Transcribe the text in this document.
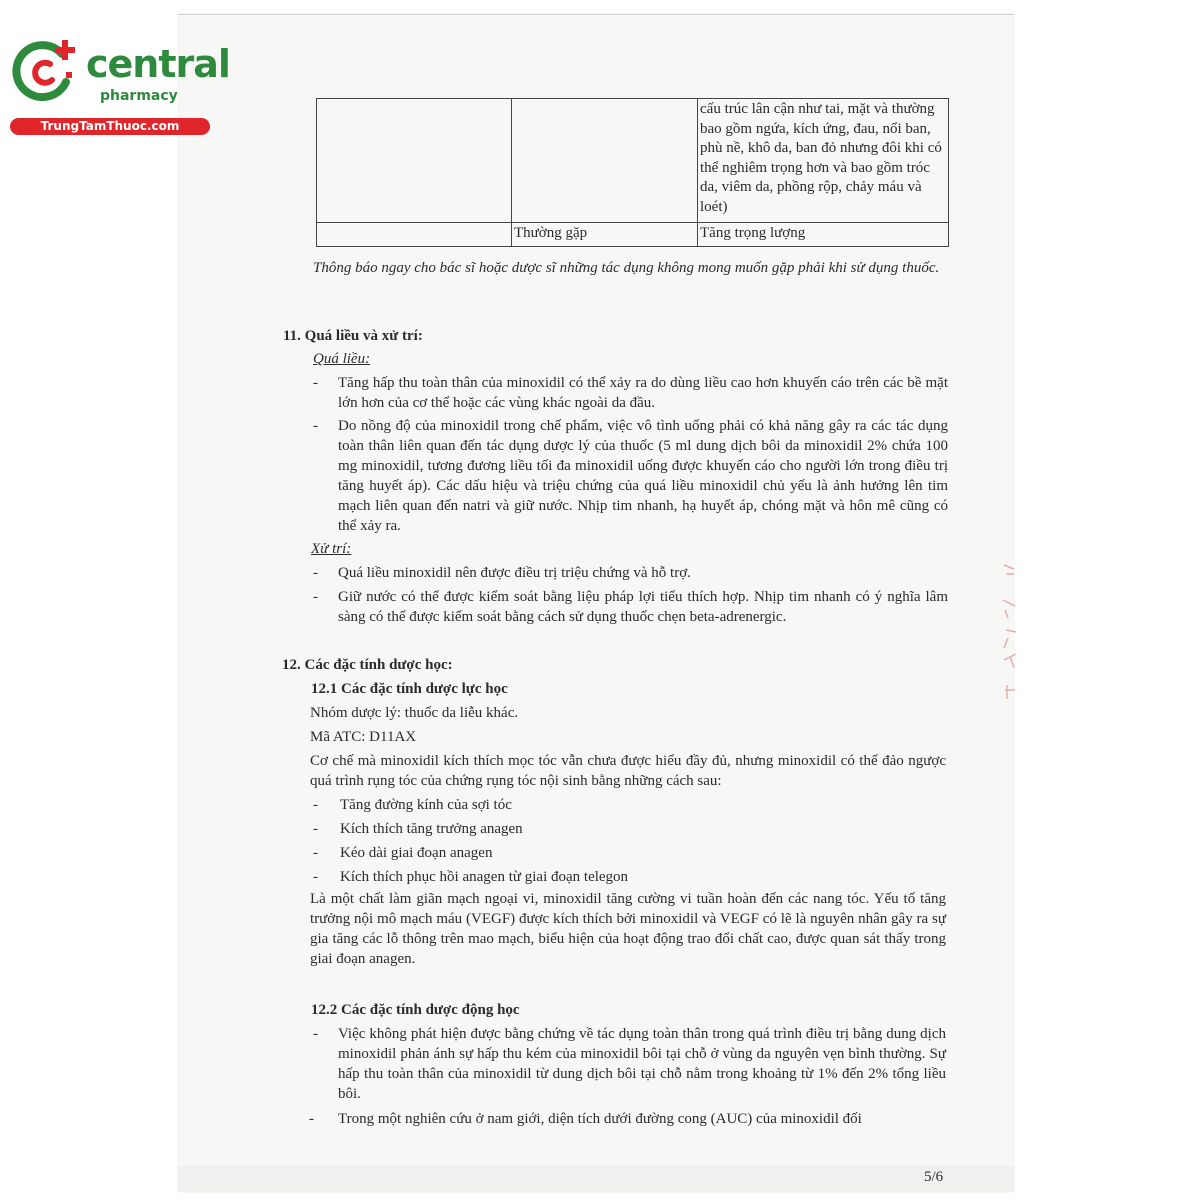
central
pharmacy
TrungTamThuoc.com
		cấu trúc lân cận như tai, mặt và thường bao gồm ngứa, kích ứng, đau, nổi ban, phù nề, khô da, ban đỏ nhưng đôi khi có thể nghiêm trọng hơn và bao gồm tróc da, viêm da, phồng rộp, chảy máu và loét)
	Thường gặp	Tăng trọng lượng

Thông báo ngay cho bác sĩ hoặc dược sĩ những tác dụng không mong muốn gặp phải khi sử dụng thuốc.

11. Quá liều và xử trí:

Quá liều:

- Tăng hấp thu toàn thân của minoxidil có thể xảy ra do dùng liều cao hơn khuyến cáo trên các bề mặt lớn hơn của cơ thể hoặc các vùng khác ngoài da đầu.

- Do nồng độ của minoxidil trong chế phẩm, việc vô tình uống phải có khả năng gây ra các tác dụng toàn thân liên quan đến tác dụng dược lý của thuốc (5 ml dung dịch bôi da minoxidil 2% chứa 100 mg minoxidil, tương đương liều tối đa minoxidil uống được khuyến cáo cho người lớn trong điều trị tăng huyết áp). Các dấu hiệu và triệu chứng của quá liều minoxidil chủ yếu là ảnh hưởng lên tim mạch liên quan đến natri và giữ nước. Nhịp tim nhanh, hạ huyết áp, chóng mặt và hôn mê cũng có thể xảy ra.

Xử trí:

- Quá liều minoxidil nên được điều trị triệu chứng và hỗ trợ.

- Giữ nước có thể được kiểm soát bằng liệu pháp lợi tiểu thích hợp. Nhịp tim nhanh có ý nghĩa lâm sàng có thể được kiểm soát bằng cách sử dụng thuốc chẹn beta-adrenergic.

12. Các đặc tính dược học:

12.1 Các đặc tính dược lực học

Nhóm dược lý: thuốc da liễu khác.

Mã ATC: D11AX

Cơ chế mà minoxidil kích thích mọc tóc vẫn chưa được hiểu đầy đủ, nhưng minoxidil có thể đảo ngược quá trình rụng tóc của chứng rụng tóc nội sinh bằng những cách sau:

- Tăng đường kính của sợi tóc

- Kích thích tăng trưởng anagen

- Kéo dài giai đoạn anagen

- Kích thích phục hồi anagen từ giai đoạn telegon

Là một chất làm giãn mạch ngoại vi, minoxidil tăng cường vi tuần hoàn đến các nang tóc. Yếu tố tăng trưởng nội mô mạch máu (VEGF) được kích thích bởi minoxidil và VEGF có lẽ là nguyên nhân gây ra sự gia tăng các lỗ thông trên mao mạch, biểu hiện của hoạt động trao đổi chất cao, được quan sát thấy trong giai đoạn anagen.

12.2 Các đặc tính dược động học

- Việc không phát hiện được bằng chứng về tác dụng toàn thân trong quá trình điều trị bằng dung dịch minoxidil phản ánh sự hấp thu kém của minoxidil bôi tại chỗ ở vùng da nguyên vẹn bình thường. Sự hấp thu toàn thân của minoxidil từ dung dịch bôi tại chỗ nằm trong khoảng từ 1% đến 2% tổng liều bôi.

- Trong một nghiên cứu ở nam giới, diện tích dưới đường cong (AUC) của minoxidil đối

5/6
